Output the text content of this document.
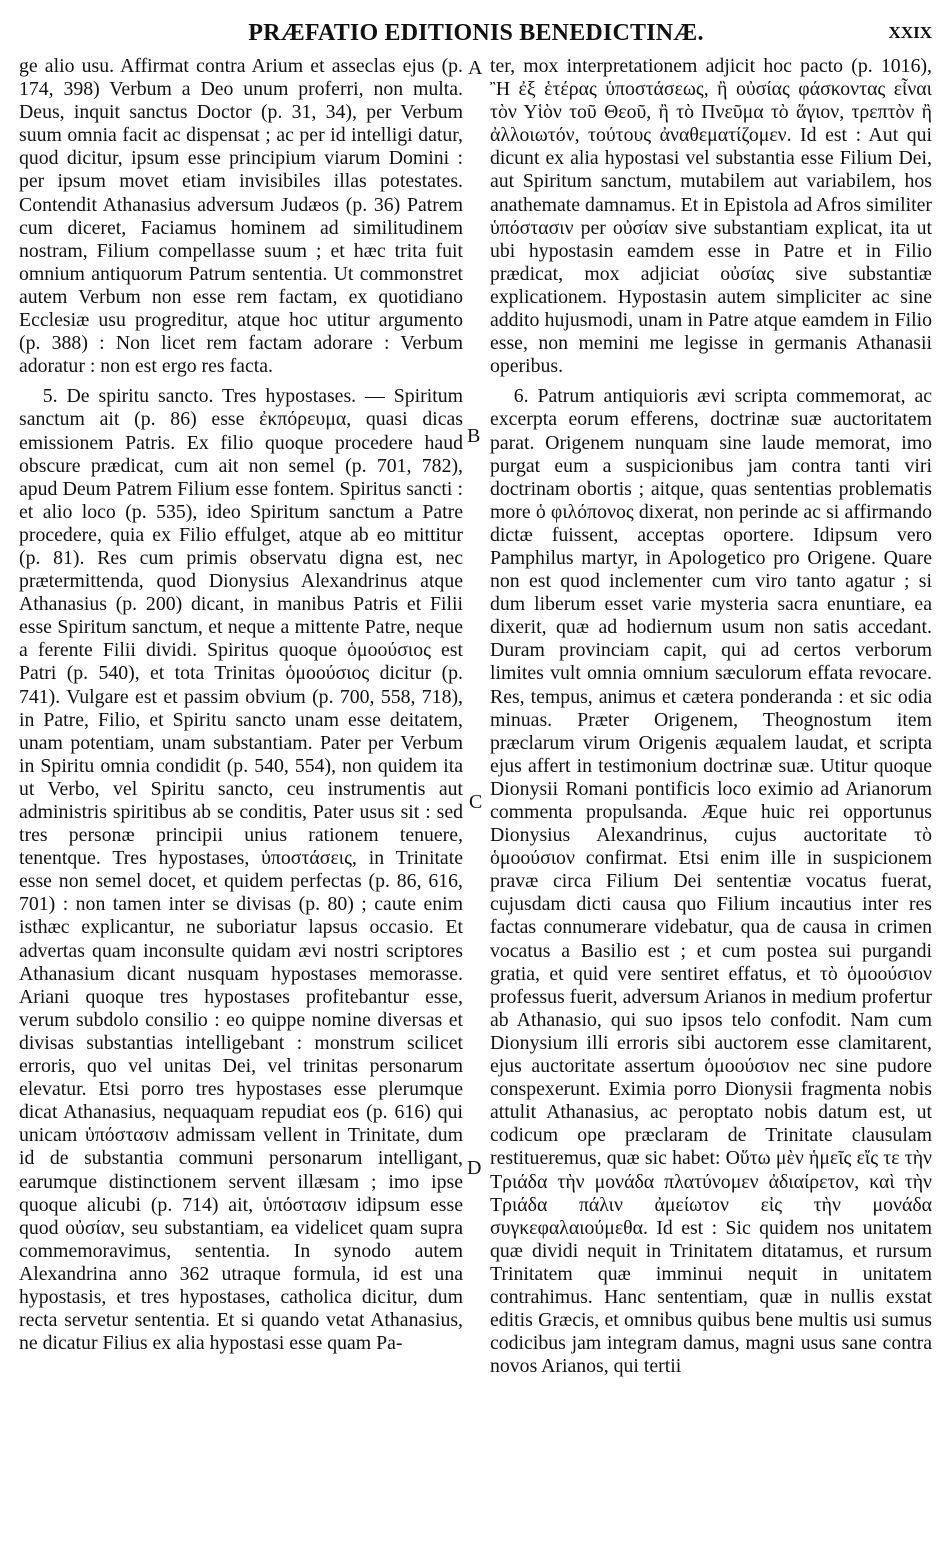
PRÆFATIO EDITIONIS BENEDICTINÆ.	XXIX
A
B
C
D

ge alio usu. Affirmat contra Arium et asseclas ejus (p. 174, 398) Verbum a Deo unum proferri, non multa. Deus, inquit sanctus Doctor (p. 31, 34), per Verbum suum omnia facit ac dispensat ; ac per id intelligi datur, quod dicitur, ipsum esse principium viarum Domini : per ipsum movet etiam invisibiles illas potestates. Contendit Athanasius adversum Judæos (p. 36) Patrem cum diceret, Faciamus hominem ad similitudinem nostram, Filium compellasse suum ; et hæc trita fuit omnium antiquorum Patrum sententia. Ut commonstret autem Verbum non esse rem factam, ex quotidiano Ecclesiæ usu progreditur, atque hoc utitur argumento (p. 388) : Non licet rem factam adorare : Verbum adoratur : non est ergo res facta.

5. De spiritu sancto. Tres hypostases. — Spiritum sanctum ait (p. 86) esse ἐκπόρευμα, quasi dicas emissionem Patris. Ex filio quoque procedere haud obscure prædicat, cum ait non semel (p. 701, 782), apud Deum Patrem Filium esse fontem. Spiritus sancti : et alio loco (p. 535), ideo Spiritum sanctum a Patre procedere, quia ex Filio effulget, atque ab eo mittitur (p. 81). Res cum primis observatu digna est, nec prætermittenda, quod Dionysius Alexandrinus atque Athanasius (p. 200) dicant, in manibus Patris et Filii esse Spiritum sanctum, et neque a mittente Patre, neque a ferente Filii dividi. Spiritus quoque ὁμοούσιος est Patri (p. 540), et tota Trinitas ὁμοούσιος dicitur (p. 741). Vulgare est et passim obvium (p. 700, 558, 718), in Patre, Filio, et Spiritu sancto unam esse deitatem, unam potentiam, unam substantiam. Pater per Verbum in Spiritu omnia condidit (p. 540, 554), non quidem ita ut Verbo, vel Spiritu sancto, ceu instrumentis aut administris spiritibus ab se conditis, Pater usus sit : sed tres personæ principii unius rationem tenuere, tenentque. Tres hypostases, ὑποστάσεις, in Trinitate esse non semel docet, et quidem perfectas (p. 86, 616, 701) : non tamen inter se divisas (p. 80) ; caute enim isthæc explicantur, ne suboriatur lapsus occasio. Et advertas quam inconsulte quidam ævi nostri scriptores Athanasium dicant nusquam hypostases memorasse. Ariani quoque tres hypostases profitebantur esse, verum subdolo consilio : eo quippe nomine diversas et divisas substantias intelligebant : monstrum scilicet erroris, quo vel unitas Dei, vel trinitas personarum elevatur. Etsi porro tres hypostases esse plerumque dicat Athanasius, nequaquam repudiat eos (p. 616) qui unicam ὑπόστασιν admissam vellent in Trinitate, dum id de substantia communi personarum intelligant, earumque distinctionem servent illæsam ; imo ipse quoque alicubi (p. 714) ait, ὑπόστασιν idipsum esse quod οὐσίαν, seu substantiam, ea videlicet quam supra commemoravimus, sententia. In synodo autem Alexandrina anno 362 utraque formula, id est una hypostasis, et tres hypostases, catholica dicitur, dum recta servetur sententia. Et si quando vetat Athanasius, ne dicatur Filius ex alia hypostasi esse quam Pa-

ter, mox interpretationem adjicit hoc pacto (p. 1016), Ἢ ἐξ ἑτέρας ὑποστάσεως, ἢ οὐσίας φάσκοντας εἶναι τὸν Υἱὸν τοῦ Θεοῦ, ἢ τὸ Πνεῦμα τὸ ἅγιον, τρεπτὸν ἢ ἀλλοιωτόν, τούτους ἀναθεματίζομεν. Id est : Aut qui dicunt ex alia hypostasi vel substantia esse Filium Dei, aut Spiritum sanctum, mutabilem aut variabilem, hos anathemate damnamus. Et in Epistola ad Afros similiter ὑπόστασιν per οὐσίαν sive substantiam explicat, ita ut ubi hypostasin eamdem esse in Patre et in Filio prædicat, mox adjiciat οὐσίας sive substantiæ explicationem. Hypostasin autem simpliciter ac sine addito hujusmodi, unam in Patre atque eamdem in Filio esse, non memini me legisse in germanis Athanasii operibus.

6. Patrum antiquioris ævi scripta commemorat, ac excerpta eorum efferens, doctrinæ suæ auctoritatem parat. Origenem nunquam sine laude memorat, imo purgat eum a suspicionibus jam contra tanti viri doctrinam obortis ; aitque, quas sententias problematis more ὁ φιλόπονος dixerat, non perinde ac si affirmando dictæ fuissent, acceptas oportere. Idipsum vero Pamphilus martyr, in Apologetico pro Origene. Quare non est quod inclementer cum viro tanto agatur ; si dum liberum esset varie mysteria sacra enuntiare, ea dixerit, quæ ad hodiernum usum non satis accedant. Duram provinciam capit, qui ad certos verborum limites vult omnia omnium sæculorum effata revocare. Res, tempus, animus et cætera ponderanda : et sic odia minuas. Præter Origenem, Theognostum item præclarum virum Origenis æqualem laudat, et scripta ejus affert in testimonium doctrinæ suæ. Utitur quoque Dionysii Romani pontificis loco eximio ad Arianorum commenta propulsanda. Æque huic rei opportunus Dionysius Alexandrinus, cujus auctoritate τὸ ὁμοούσιον confirmat. Etsi enim ille in suspicionem pravæ circa Filium Dei sententiæ vocatus fuerat, cujusdam dicti causa quo Filium incautius inter res factas connumerare videbatur, qua de causa in crimen vocatus a Basilio est ; et cum postea sui purgandi gratia, et quid vere sentiret effatus, et τὸ ὁμοούσιον professus fuerit, adversum Arianos in medium profertur ab Athanasio, qui suo ipsos telo confodit. Nam cum Dionysium illi erroris sibi auctorem esse clamitarent, ejus auctoritate assertum ὁμοούσιον nec sine pudore conspexerunt. Eximia porro Dionysii fragmenta nobis attulit Athanasius, ac peroptato nobis datum est, ut codicum ope præclaram de Trinitate clausulam restitueremus, quæ sic habet: Οὕτω μὲν ἡμεῖς εἴς τε τὴν Τριάδα τὴν μονάδα πλατύνομεν ἀδιαίρετον, καὶ τὴν Τριάδα πάλιν ἀμείωτον εἰς τὴν μονάδα συγκεφαλαιούμεθα. Id est : Sic quidem nos unitatem quæ dividi nequit in Trinitatem ditatamus, et rursum Trinitatem quæ imminui nequit in unitatem contrahimus. Hanc sententiam, quæ in nullis exstat editis Græcis, et omnibus quibus bene multis usi sumus codicibus jam integram damus, magni usus sane contra novos Arianos, qui tertii
